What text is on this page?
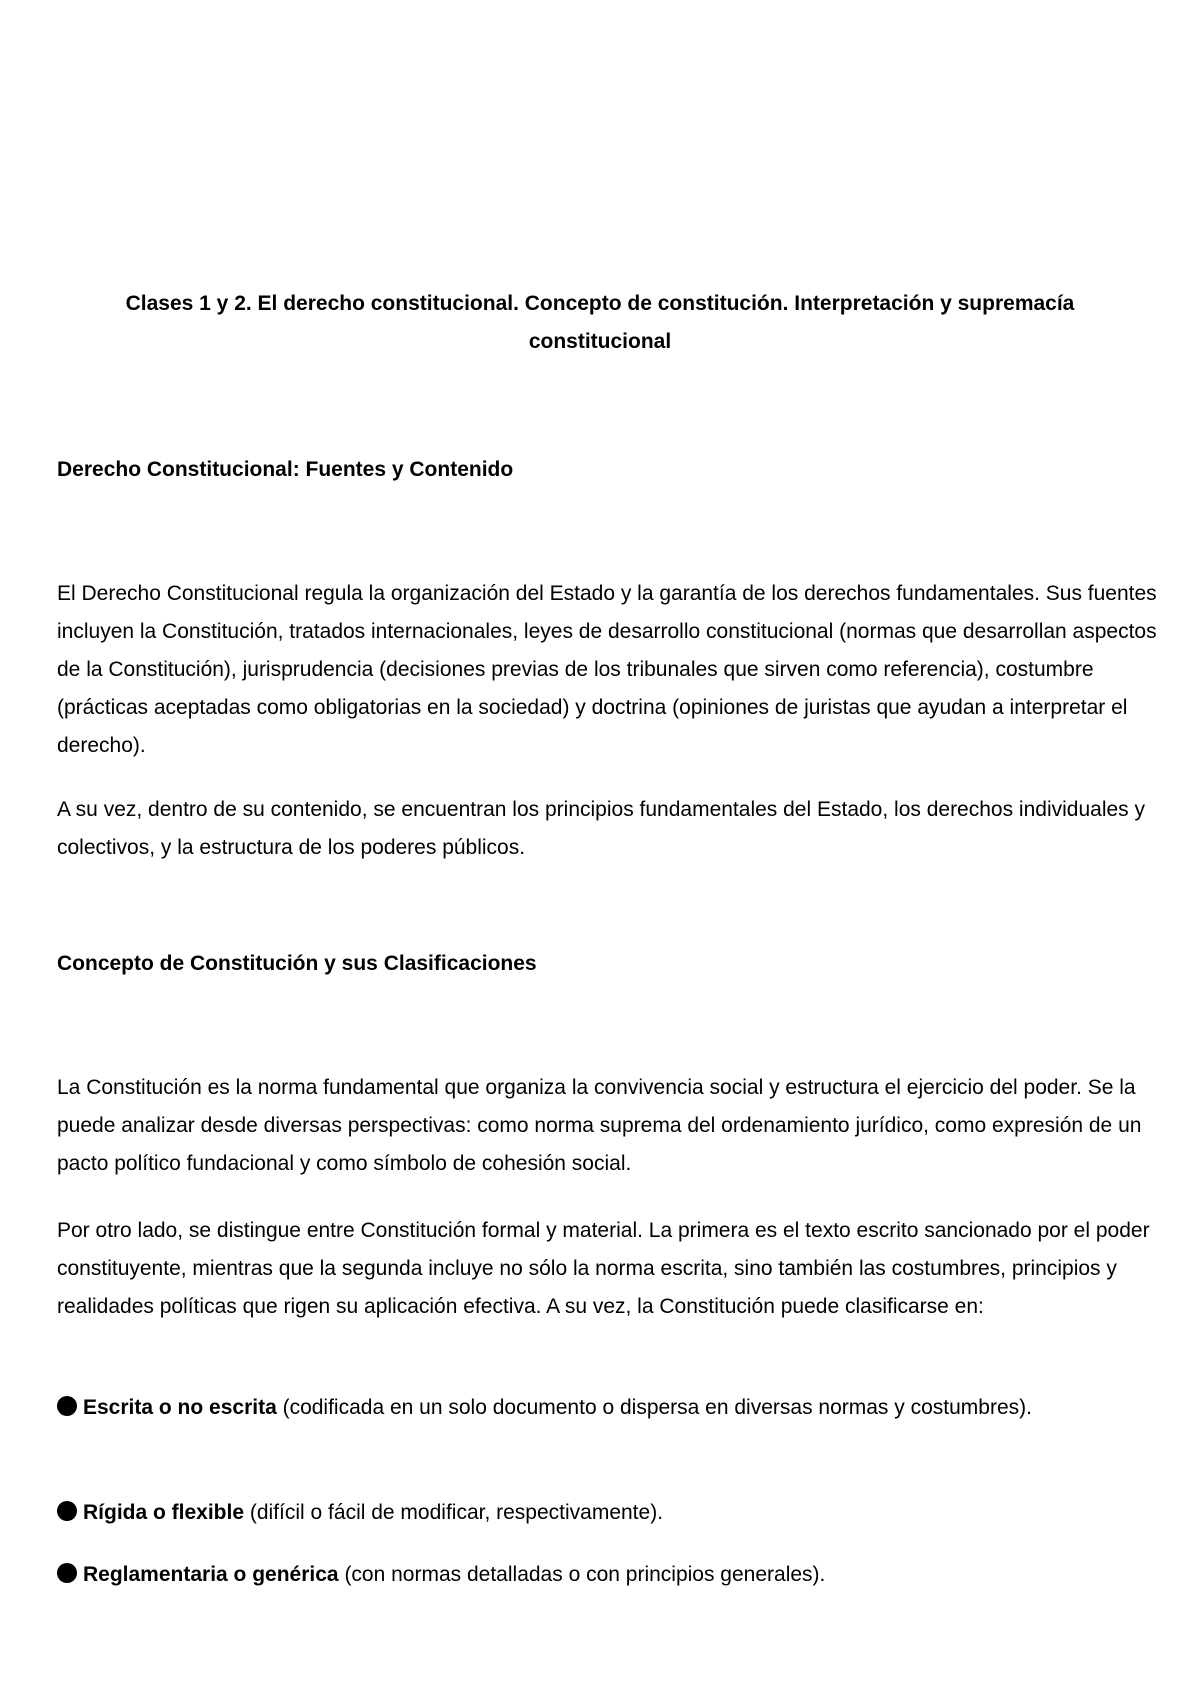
Clases 1 y 2. El derecho constitucional. Concepto de constitución. Interpretación y supremacía constitucional
Derecho Constitucional: Fuentes y Contenido

El Derecho Constitucional regula la organización del Estado y la garantía de los derechos fundamentales. Sus fuentes incluyen la Constitución, tratados internacionales, leyes de desarrollo constitucional (normas que desarrollan aspectos de la Constitución), jurisprudencia (decisiones previas de los tribunales que sirven como referencia), costumbre (prácticas aceptadas como obligatorias en la sociedad) y doctrina (opiniones de juristas que ayudan a interpretar el derecho).

A su vez, dentro de su contenido, se encuentran los principios fundamentales del Estado, los derechos individuales y colectivos, y la estructura de los poderes públicos.

Concepto de Constitución y sus Clasificaciones

La Constitución es la norma fundamental que organiza la convivencia social y estructura el ejercicio del poder. Se la puede analizar desde diversas perspectivas: como norma suprema del ordenamiento jurídico, como expresión de un pacto político fundacional y como símbolo de cohesión social.

Por otro lado, se distingue entre Constitución formal y material. La primera es el texto escrito sancionado por el poder constituyente, mientras que la segunda incluye no sólo la norma escrita, sino también las costumbres, principios y realidades políticas que rigen su aplicación efectiva. A su vez, la Constitución puede clasificarse en:

Escrita o no escrita (codificada en un solo documento o dispersa en diversas normas y costumbres).

Rígida o flexible (difícil o fácil de modificar, respectivamente).

Reglamentaria o genérica (con normas detalladas o con principios generales).
